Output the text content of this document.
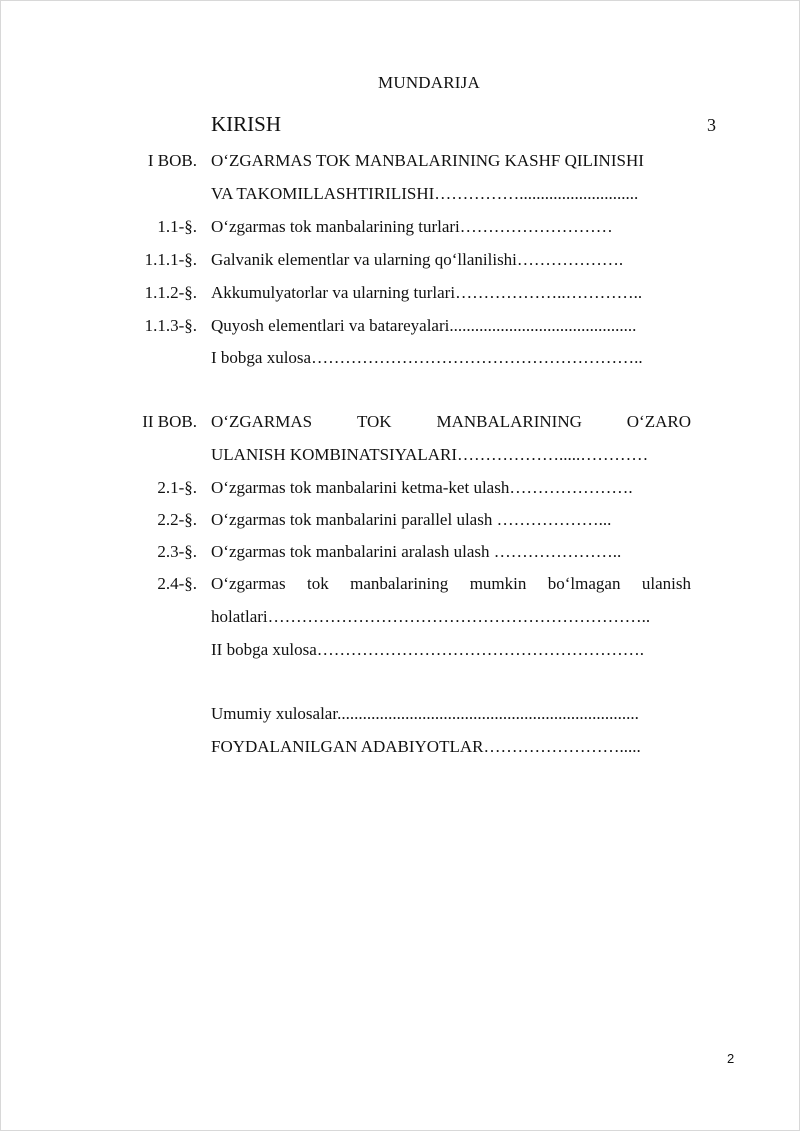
MUNDARIJA
KIRISH	3
I BOB. O‘ZGARMAS TOK MANBALARINING KASHF QILINISHI
VA TAKOMILLASHTIRILISHI……………............................
1.1-§. O‘zgarmas tok manbalarining turlari………………………
1.1.1-§. Galvanik elementlar va ularning qo‘llanilishi……………….
1.1.2-§. Akkumulyatorlar va ularning turlari………………..…………..
1.1.3-§. Quyosh elementlari va batareyalari............................................
I bobga xulosa…………………………………………………..
II BOB. O‘ZGARMAS	TOK	MANBALARINING	O‘ZARO
ULANISH KOMBINATSIYALARI……………….....…………
2.1-§. O‘zgarmas tok manbalarini ketma-ket ulash………………….
2.2-§. O‘zgarmas tok manbalarini parallel ulash ………………...
2.3-§. O‘zgarmas tok manbalarini aralash ulash …………………..
2.4-§. O‘zgarmas tok manbalarining mumkin bo‘lmagan ulanish
holatlari…………………………………………………………..
II bobga xulosa………………………………………………….
Umumiy xulosalar.......................................................................
FOYDALANILGAN ADABIYOTLAR…………………….....
2
